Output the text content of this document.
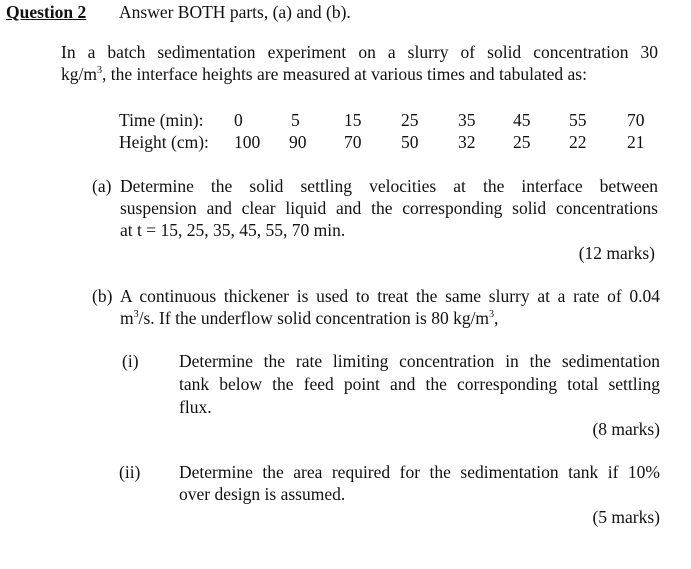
Question 2 Answer BOTH parts, (a) and (b).
In a batch sedimentation experiment on a slurry of solid concentration 30
$kg/m^3$, the interface heights are measured at various times and tabulated as:
Time (min):
Height (cm):
0	5	15 25 35 45 55 70
100 90 70 50 32 25 22 21
(a) Determine the solid settling velocities at the interface between
suspension and clear liquid and the corresponding solid concentrations
at t = 15, 25, 35, 45, 55, 70 min.
(12 marks)
(b) A continuous thickener is used to treat the same slurry at a rate of 0.04
$m^3/s$. If the underflow solid concentration is 80 $kg/m^3$,
(i) Determine the rate limiting concentration in the sedimentation
tank below the feed point and the corresponding total settling
flux.
(8 marks)
(ii) Determine the area required for the sedimentation tank if 10%
over design is assumed.
(5 marks)
